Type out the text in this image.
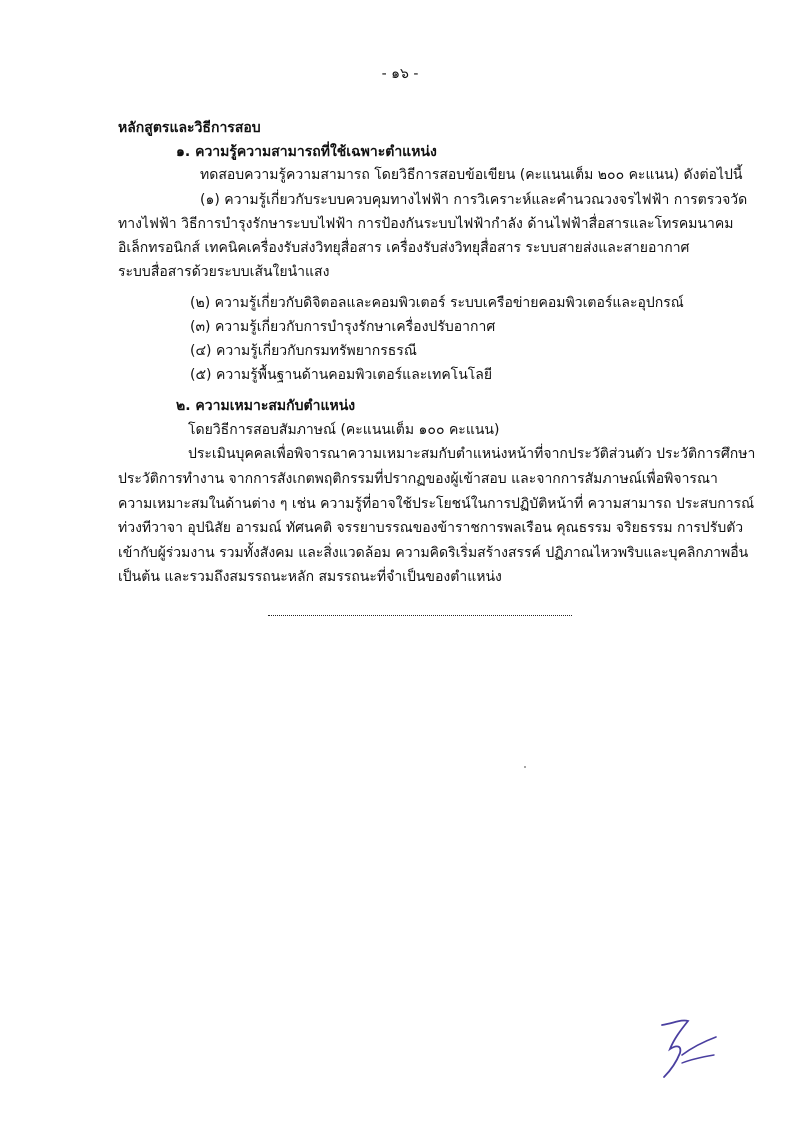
- ๑๖ -
หลักสูตรและวิธีการสอบ
๑. ความรู้ความสามารถที่ใช้เฉพาะตำแหน่ง
ทดสอบความรู้ความสามารถ โดยวิธีการสอบข้อเขียน (คะแนนเต็ม ๒๐๐ คะแนน) ดังต่อไปนี้
(๑) ความรู้เกี่ยวกับระบบควบคุมทางไฟฟ้า การวิเคราะห์และคำนวณวงจรไฟฟ้า การตรวจวัด
ทางไฟฟ้า วิธีการบำรุงรักษาระบบไฟฟ้า การป้องกันระบบไฟฟ้ากำลัง ด้านไฟฟ้าสื่อสารและโทรคมนาคม
อิเล็กทรอนิกส์ เทคนิคเครื่องรับส่งวิทยุสื่อสาร เครื่องรับส่งวิทยุสื่อสาร ระบบสายส่งและสายอากาศ
ระบบสื่อสารด้วยระบบเส้นใยนำแสง
(๒) ความรู้เกี่ยวกับดิจิตอลและคอมพิวเตอร์ ระบบเครือข่ายคอมพิวเตอร์และอุปกรณ์
(๓) ความรู้เกี่ยวกับการบำรุงรักษาเครื่องปรับอากาศ
(๔) ความรู้เกี่ยวกับกรมทรัพยากรธรณี
(๕) ความรู้พื้นฐานด้านคอมพิวเตอร์และเทคโนโลยี
๒. ความเหมาะสมกับตำแหน่ง
โดยวิธีการสอบสัมภาษณ์ (คะแนนเต็ม ๑๐๐ คะแนน)
ประเมินบุคคลเพื่อพิจารณาความเหมาะสมกับตำแหน่งหน้าที่จากประวัติส่วนตัว ประวัติการศึกษา
ประวัติการทำงาน จากการสังเกตพฤติกรรมที่ปรากฏของผู้เข้าสอบ และจากการสัมภาษณ์เพื่อพิจารณา
ความเหมาะสมในด้านต่าง ๆ เช่น ความรู้ที่อาจใช้ประโยชน์ในการปฏิบัติหน้าที่ ความสามารถ ประสบการณ์
ท่วงทีวาจา อุปนิสัย อารมณ์ ทัศนคติ จรรยาบรรณของข้าราชการพลเรือน คุณธรรม จริยธรรม การปรับตัว
เข้ากับผู้ร่วมงาน รวมทั้งสังคม และสิ่งแวดล้อม ความคิดริเริ่มสร้างสรรค์ ปฏิภาณไหวพริบและบุคลิกภาพอื่น
เป็นต้น และรวมถึงสมรรถนะหลัก สมรรถนะที่จำเป็นของตำแหน่ง
